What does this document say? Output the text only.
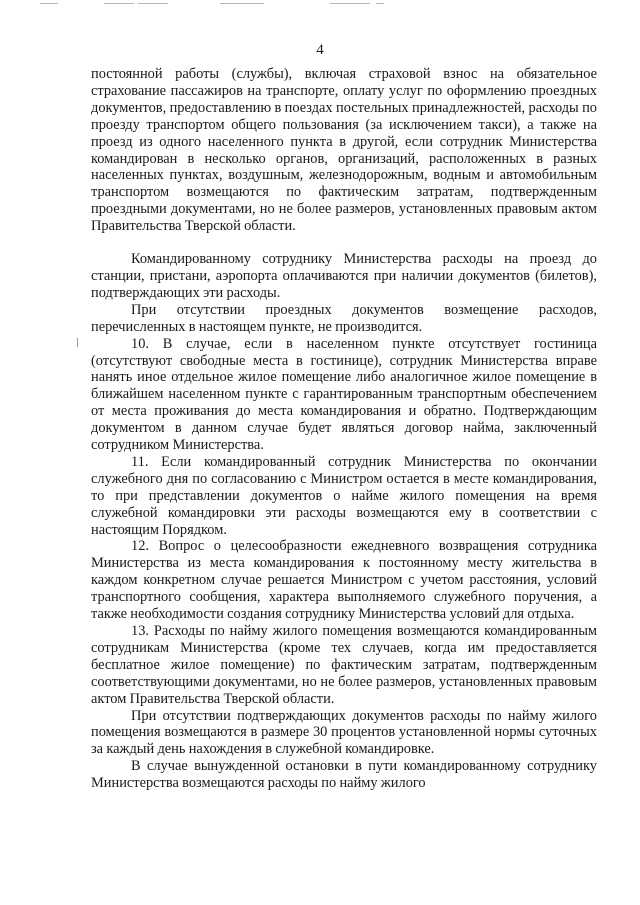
4

постоянной работы (службы), включая страховой взнос на обязательное страхование пассажиров на транспорте, оплату услуг по оформлению проездных документов, предоставлению в поездах постельных принадлежностей, расходы по проезду транспортом общего пользования (за исключением такси), а также на проезд из одного населенного пункта в другой, если сотрудник Министерства командирован в несколько органов, организаций, расположенных в разных населенных пунктах, воздушным, железнодорожным, водным и автомобильным транспортом возмещаются по фактическим затратам, подтвержденным проездными документами, но не более размеров, установленных правовым актом Правительства Тверской области.

Командированному сотруднику Министерства расходы на проезд до станции, пристани, аэропорта оплачиваются при наличии документов (билетов), подтверждающих эти расходы.

При отсутствии проездных документов возмещение расходов, перечисленных в настоящем пункте, не производится.

10. В случае, если в населенном пункте отсутствует гостиница (отсутствуют свободные места в гостинице), сотрудник Министерства вправе нанять иное отдельное жилое помещение либо аналогичное жилое помещение в ближайшем населенном пункте с гарантированным транспортным обеспечением от места проживания до места командирования и обратно. Подтверждающим документом в данном случае будет являться договор найма, заключенный сотрудником Министерства.

11. Если командированный сотрудник Министерства по окончании служебного дня по согласованию с Министром остается в месте командирования, то при представлении документов о найме жилого помещения на время служебной командировки эти расходы возмещаются ему в соответствии с настоящим Порядком.

12. Вопрос о целесообразности ежедневного возвращения сотрудника Министерства из места командирования к постоянному месту жительства в каждом конкретном случае решается Министром с учетом расстояния, условий транспортного сообщения, характера выполняемого служебного поручения, а также необходимости создания сотруднику Министерства условий для отдыха.

13. Расходы по найму жилого помещения возмещаются командированным сотрудникам Министерства (кроме тех случаев, когда им предоставляется бесплатное жилое помещение) по фактическим затратам, подтвержденным соответствующими документами, но не более размеров, установленных правовым актом Правительства Тверской области.

При отсутствии подтверждающих документов расходы по найму жилого помещения возмещаются в размере 30 процентов установленной нормы суточных за каждый день нахождения в служебной командировке.

В случае вынужденной остановки в пути командированному сотруднику Министерства возмещаются расходы по найму жилого
